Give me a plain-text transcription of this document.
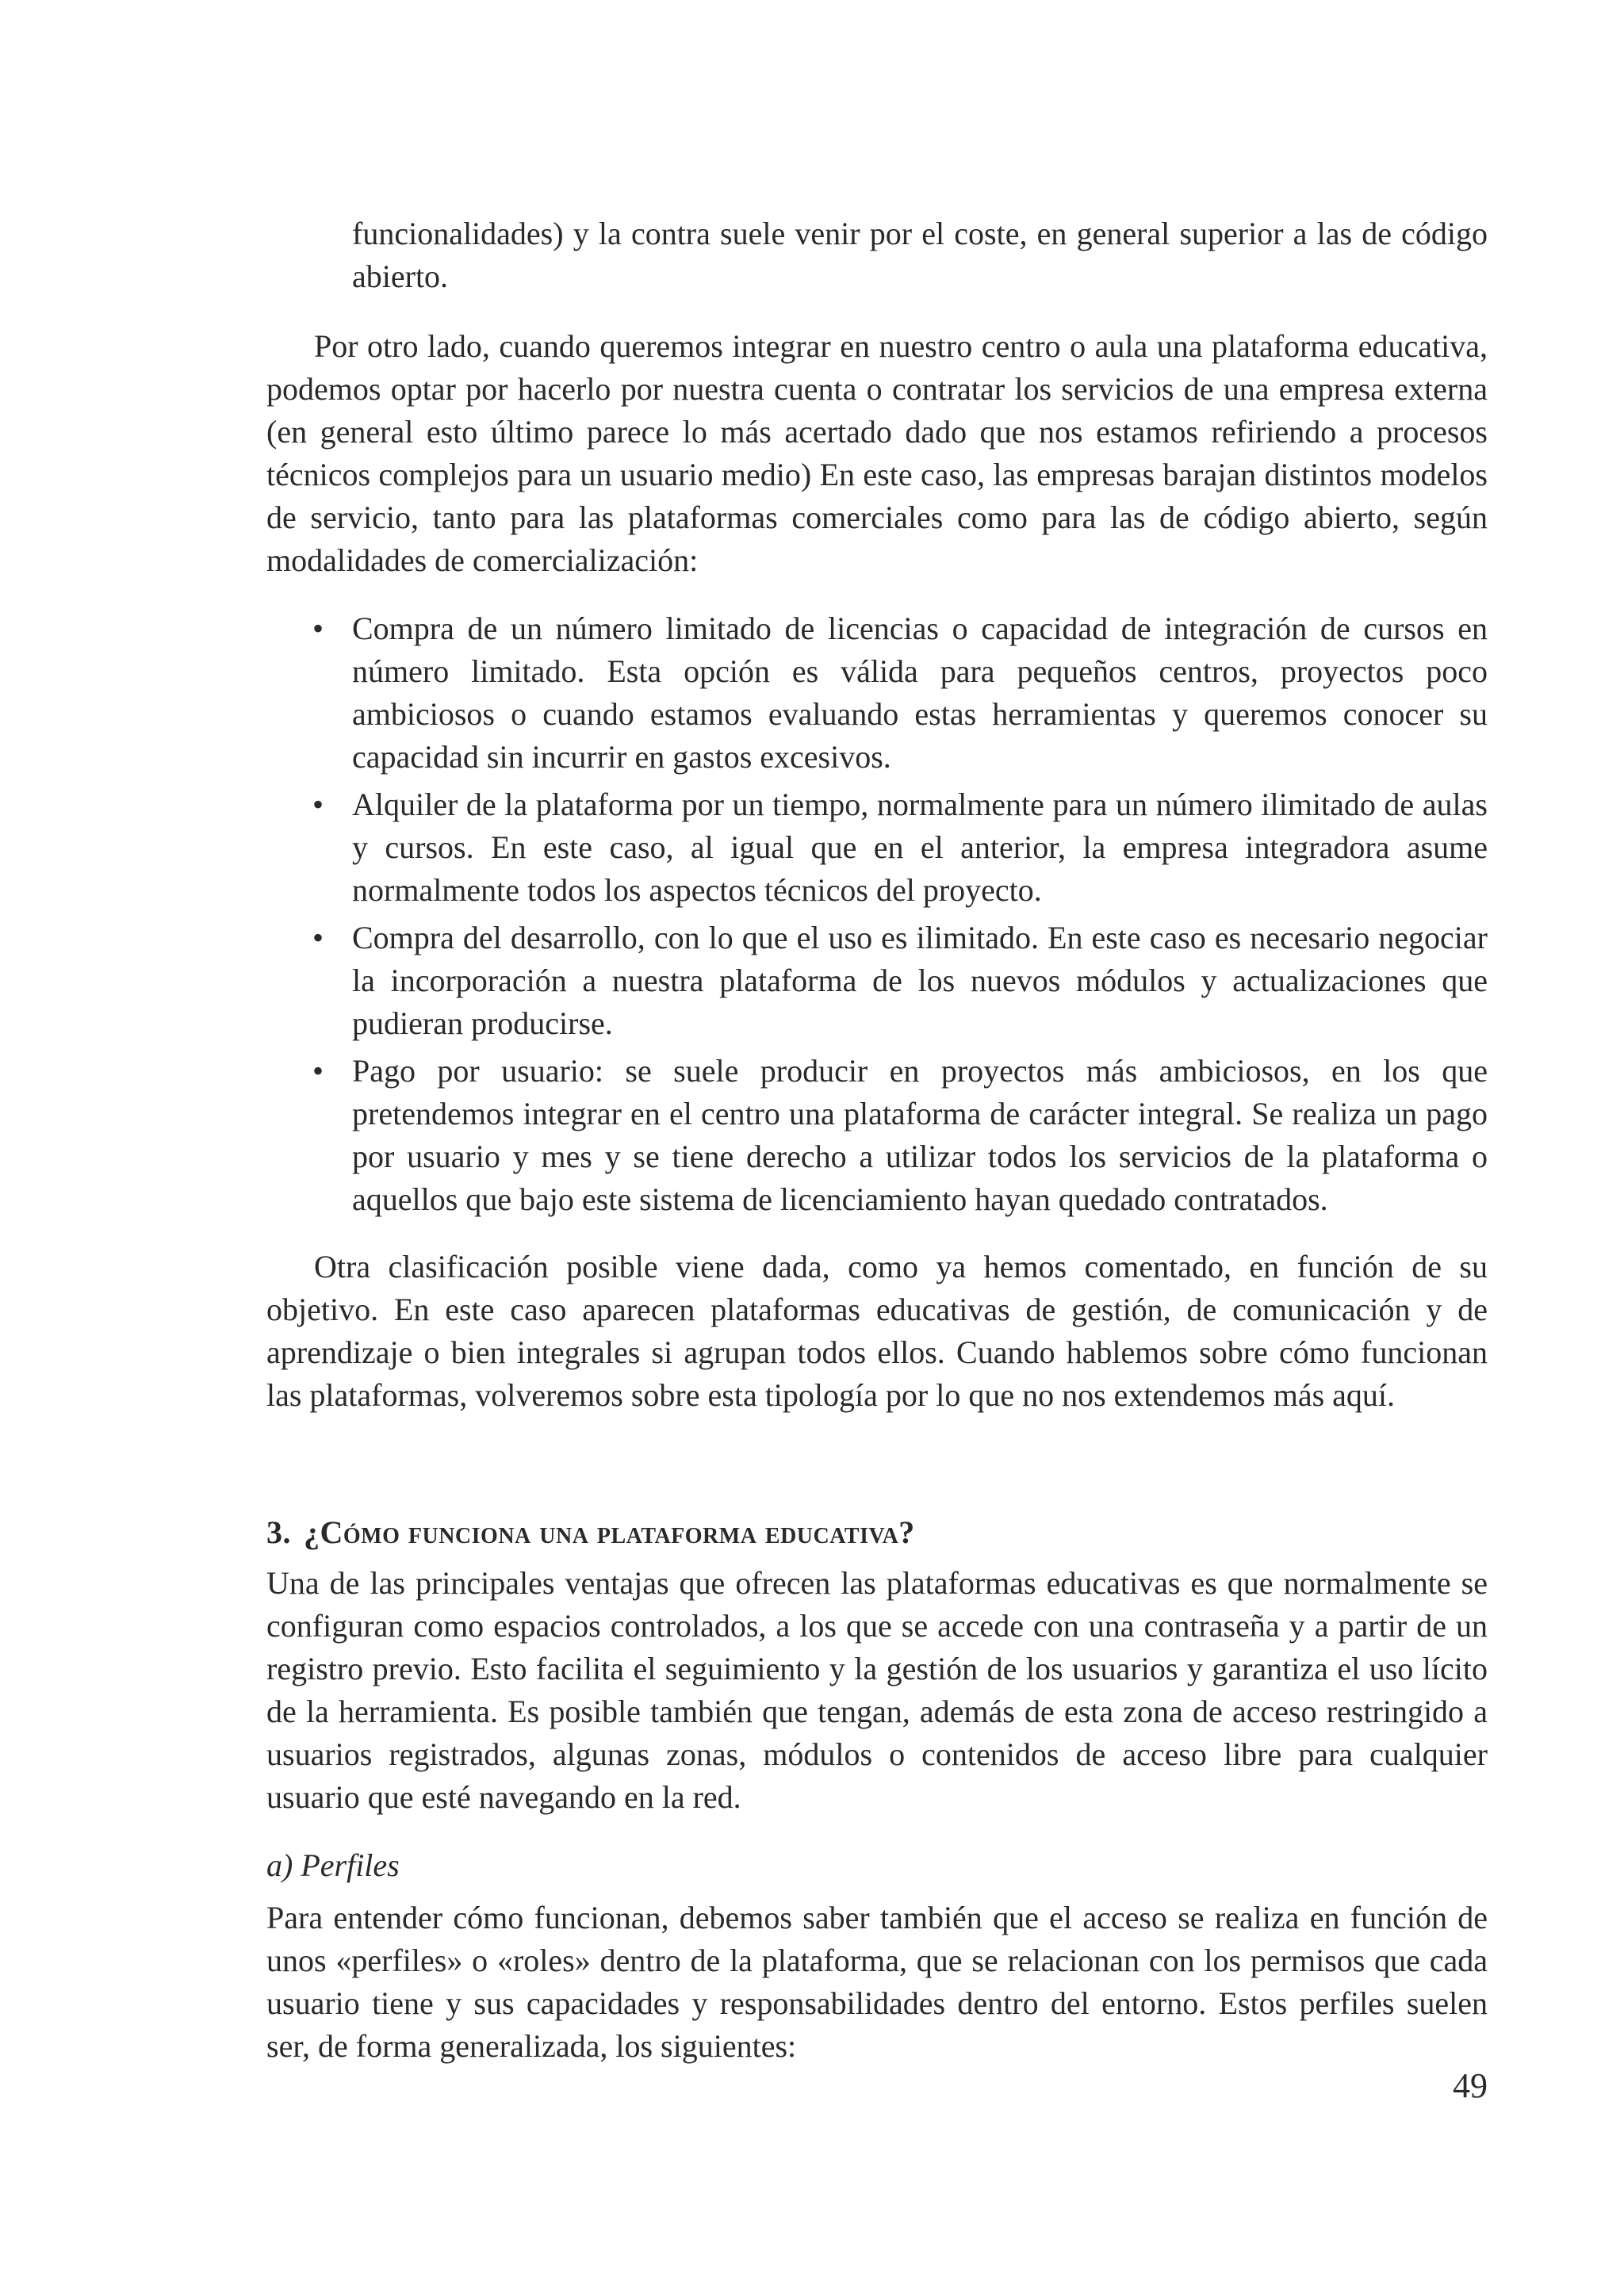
funcionalidades) y la contra suele venir por el coste, en general superior a las de código abierto.

Por otro lado, cuando queremos integrar en nuestro centro o aula una plataforma educativa, podemos optar por hacerlo por nuestra cuenta o contratar los servicios de una empresa externa (en general esto último parece lo más acertado dado que nos estamos refiriendo a procesos técnicos complejos para un usuario medio) En este caso, las empresas barajan distintos modelos de servicio, tanto para las plataformas comerciales como para las de código abierto, según modalidades de comercialización:

• Compra de un número limitado de licencias o capacidad de integración de cursos en número limitado. Esta opción es válida para pequeños centros, proyectos poco ambiciosos o cuando estamos evaluando estas herramientas y queremos conocer su capacidad sin incurrir en gastos excesivos.
• Alquiler de la plataforma por un tiempo, normalmente para un número ilimitado de aulas y cursos. En este caso, al igual que en el anterior, la empresa integradora asume normalmente todos los aspectos técnicos del proyecto.
• Compra del desarrollo, con lo que el uso es ilimitado. En este caso es necesario negociar la incorporación a nuestra plataforma de los nuevos módulos y actualizaciones que pudieran producirse.
• Pago por usuario: se suele producir en proyectos más ambiciosos, en los que pretendemos integrar en el centro una plataforma de carácter integral. Se realiza un pago por usuario y mes y se tiene derecho a utilizar todos los servicios de la plataforma o aquellos que bajo este sistema de licenciamiento hayan quedado contratados.

Otra clasificación posible viene dada, como ya hemos comentado, en función de su objetivo. En este caso aparecen plataformas educativas de gestión, de comunicación y de aprendizaje o bien integrales si agrupan todos ellos. Cuando hablemos sobre cómo funcionan las plataformas, volveremos sobre esta tipología por lo que no nos extendemos más aquí.

3. ¿Cómo funciona una plataforma educativa?

Una de las principales ventajas que ofrecen las plataformas educativas es que normalmente se configuran como espacios controlados, a los que se accede con una contraseña y a partir de un registro previo. Esto facilita el seguimiento y la gestión de los usuarios y garantiza el uso lícito de la herramienta. Es posible también que tengan, además de esta zona de acceso restringido a usuarios registrados, algunas zonas, módulos o contenidos de acceso libre para cualquier usuario que esté navegando en la red.

a) Perfiles

Para entender cómo funcionan, debemos saber también que el acceso se realiza en función de unos «perfiles» o «roles» dentro de la plataforma, que se relacionan con los permisos que cada usuario tiene y sus capacidades y responsabilidades dentro del entorno. Estos perfiles suelen ser, de forma generalizada, los siguientes:

49
